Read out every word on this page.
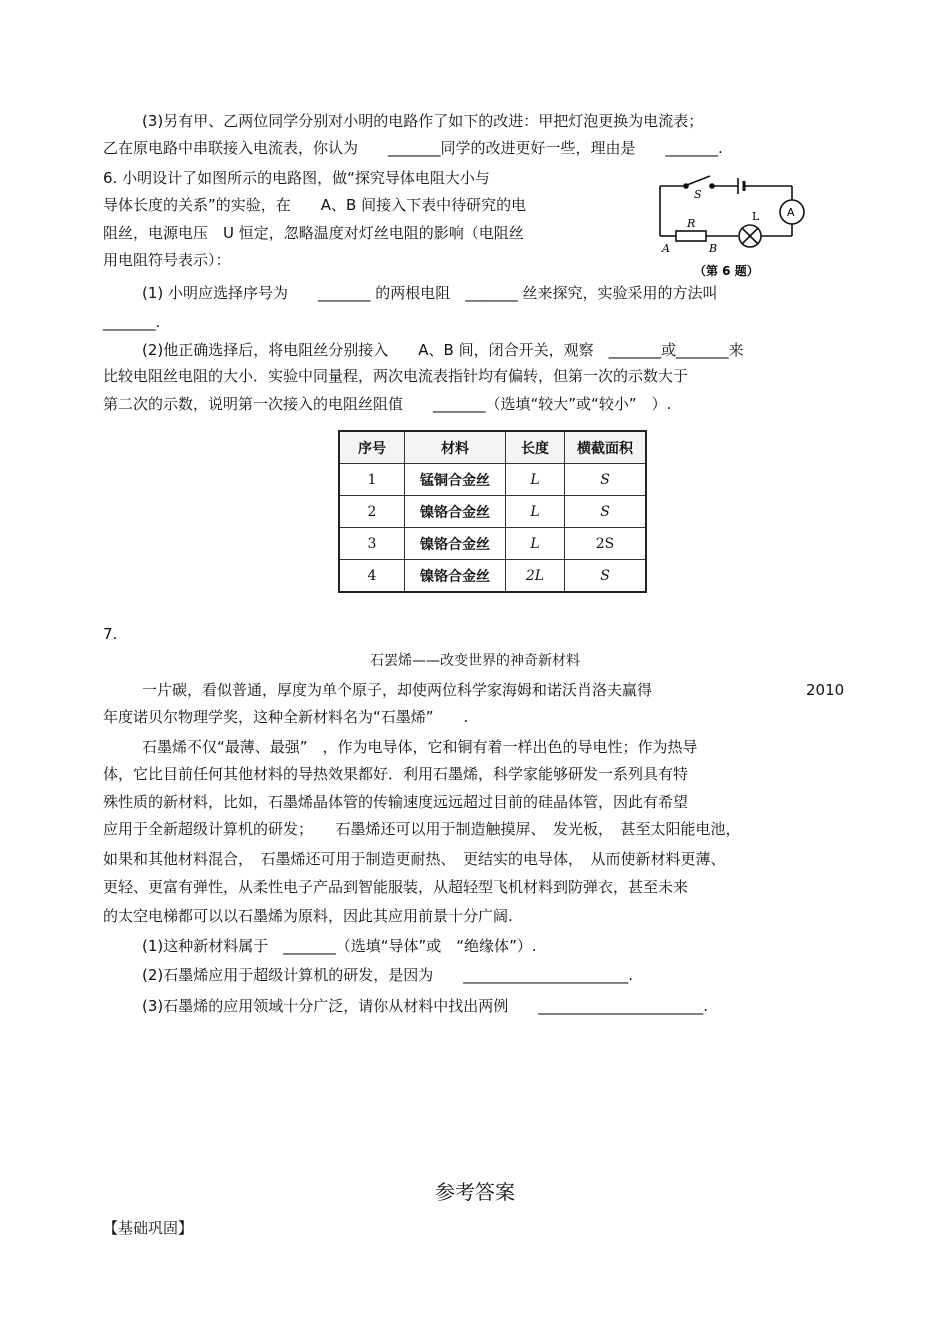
(3)另有甲、乙两位同学分别对小明的电路作了如下的改进：甲把灯泡更换为电流表；
乙在原电路中串联接入电流表，你认为　　_______同学的改进更好一些，理由是　　_______.
6. 小明设计了如图所示的电路图，做“探究导体电阻大小与
导体长度的关系”的实验，在　　A、B 间接入下表中待研究的电
阻丝，电源电压　U 恒定，忽略温度对灯丝电阻的影响（电阻丝
用电阻符号表示）：
S
R
L
A	B
A
（第 6 题）
(1) 小明应选择序号为　　_______ 的两根电阻　_______ 丝来探究，实验采用的方法叫
_______.
(2)他正确选择后，将电阻丝分别接入　　A、B 间，闭合开关，观察　_______或_______来
比较电阻丝电阻的大小．实验中同量程，两次电流表指针均有偏转，但第一次的示数大于
第二次的示数，说明第一次接入的电阻丝阻值　　_______（选填“较大”或“较小”　）.
序号	材料	长度	横截面积
1	锰铜合金丝	L	S
2	镍铬合金丝	L	S
3	镍铬合金丝	L	2S
4	镍铬合金丝	2L	S
7.
石罢烯——改变世界的神奇新材料
一片碳，看似普通，厚度为单个原子，却使两位科学家海姆和诺沃肖洛夫赢得	2010
年度诺贝尔物理学奖，这种全新材料名为“石墨烯”　　.
石墨烯不仅“最薄、最强”　，作为电导体，它和铜有着一样出色的导电性；作为热导
体，它比目前任何其他材料的导热效果都好．利用石墨烯，科学家能够研发一系列具有特
殊性质的新材料，比如，石墨烯晶体管的传输速度远远超过目前的硅晶体管，因此有希望
应用于全新超级计算机的研发；　　石墨烯还可以用于制造触摸屏、　发光板，　甚至太阳能电池，
如果和其他材料混合，　石墨烯还可用于制造更耐热、　更结实的电导体，　从而使新材料更薄、
更轻、更富有弹性，从柔性电子产品到智能服装，从超轻型飞机材料到防弹衣，甚至未来
的太空电梯都可以以石墨烯为原料，因此其应用前景十分广阔.
(1)这种新材料属于　_______（选填“导体”或　“绝缘体”）.
(2)石墨烯应用于超级计算机的研发，是因为　　______________________.
(3)石墨烯的应用领域十分广泛，请你从材料中找出两例　　______________________.
参考答案
【基础巩固】
